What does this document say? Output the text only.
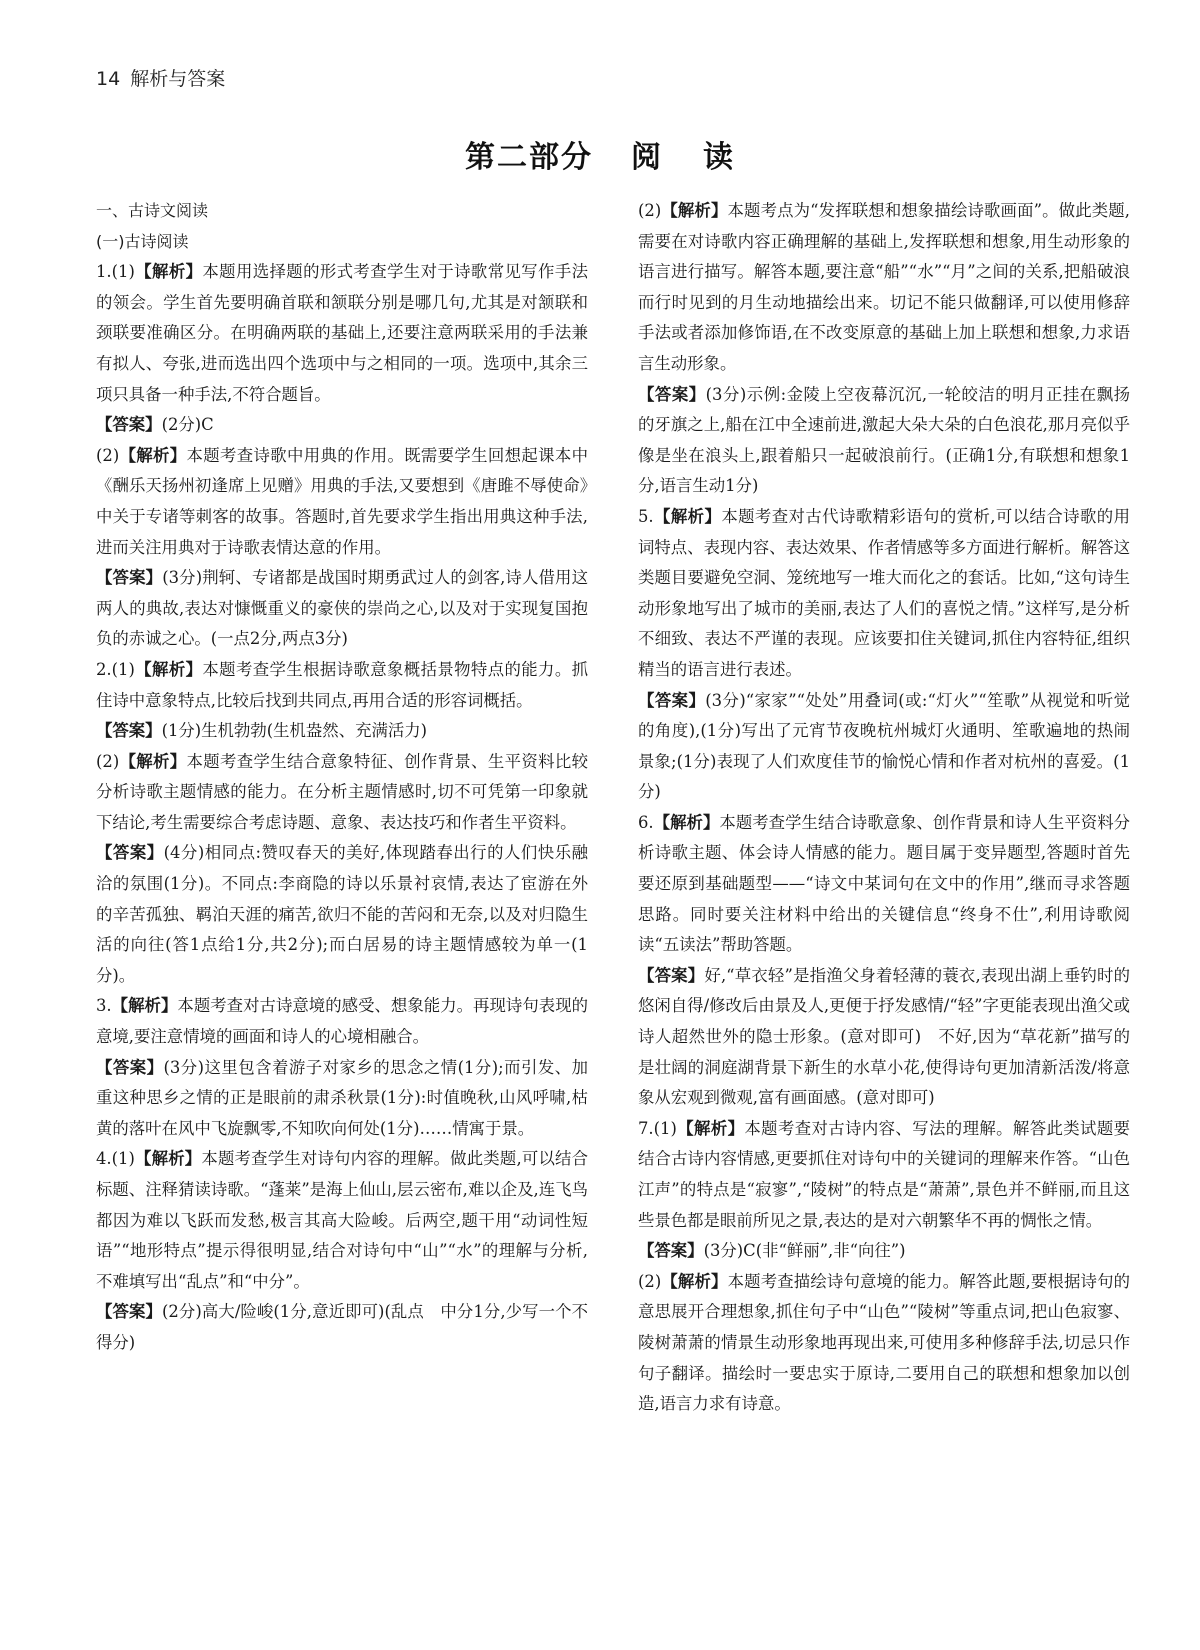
14 解析与答案
第二部分 阅 读

一、古诗文阅读

(一)古诗阅读

1.(1)【解析】本题用选择题的形式考查学生对于诗歌常见写作手法的领会。学生首先要明确首联和颔联分别是哪几句,尤其是对颔联和颈联要准确区分。在明确两联的基础上,还要注意两联采用的手法兼有拟人、夸张,进而选出四个选项中与之相同的一项。选项中,其余三项只具备一种手法,不符合题旨。

【答案】(2分)C

(2)【解析】本题考查诗歌中用典的作用。既需要学生回想起课本中《酬乐天扬州初逢席上见赠》用典的手法,又要想到《唐雎不辱使命》中关于专诸等刺客的故事。答题时,首先要求学生指出用典这种手法,进而关注用典对于诗歌表情达意的作用。

【答案】(3分)荆轲、专诸都是战国时期勇武过人的剑客,诗人借用这两人的典故,表达对慷慨重义的豪侠的崇尚之心,以及对于实现复国抱负的赤诚之心。(一点2分,两点3分)

2.(1)【解析】本题考查学生根据诗歌意象概括景物特点的能力。抓住诗中意象特点,比较后找到共同点,再用合适的形容词概括。

【答案】(1分)生机勃勃(生机盎然、充满活力)

(2)【解析】本题考查学生结合意象特征、创作背景、生平资料比较分析诗歌主题情感的能力。在分析主题情感时,切不可凭第一印象就下结论,考生需要综合考虑诗题、意象、表达技巧和作者生平资料。

【答案】(4分)相同点:赞叹春天的美好,体现踏春出行的人们快乐融洽的氛围(1分)。不同点:李商隐的诗以乐景衬哀情,表达了宦游在外的辛苦孤独、羁泊天涯的痛苦,欲归不能的苦闷和无奈,以及对归隐生活的向往(答1点给1分,共2分);而白居易的诗主题情感较为单一(1分)。

3.【解析】本题考查对古诗意境的感受、想象能力。再现诗句表现的意境,要注意情境的画面和诗人的心境相融合。

【答案】(3分)这里包含着游子对家乡的思念之情(1分);而引发、加重这种思乡之情的正是眼前的肃杀秋景(1分):时值晚秋,山风呼啸,枯黄的落叶在风中飞旋飘零,不知吹向何处(1分)……情寓于景。

4.(1)【解析】本题考查学生对诗句内容的理解。做此类题,可以结合标题、注释猜读诗歌。“蓬莱”是海上仙山,层云密布,难以企及,连飞鸟都因为难以飞跃而发愁,极言其高大险峻。后两空,题干用“动词性短语”“地形特点”提示得很明显,结合对诗句中“山”“水”的理解与分析,不难填写出“乱点”和“中分”。

【答案】(2分)高大/险峻(1分,意近即可)(乱点　中分1分,少写一个不得分)

(2)【解析】本题考点为“发挥联想和想象描绘诗歌画面”。做此类题,需要在对诗歌内容正确理解的基础上,发挥联想和想象,用生动形象的语言进行描写。解答本题,要注意“船”“水”“月”之间的关系,把船破浪而行时见到的月生动地描绘出来。切记不能只做翻译,可以使用修辞手法或者添加修饰语,在不改变原意的基础上加上联想和想象,力求语言生动形象。

【答案】(3分)示例:金陵上空夜幕沉沉,一轮皎洁的明月正挂在飘扬的牙旗之上,船在江中全速前进,激起大朵大朵的白色浪花,那月亮似乎像是坐在浪头上,跟着船只一起破浪前行。(正确1分,有联想和想象1分,语言生动1分)

5.【解析】本题考查对古代诗歌精彩语句的赏析,可以结合诗歌的用词特点、表现内容、表达效果、作者情感等多方面进行解析。解答这类题目要避免空洞、笼统地写一堆大而化之的套话。比如,“这句诗生动形象地写出了城市的美丽,表达了人们的喜悦之情。”这样写,是分析不细致、表达不严谨的表现。应该要扣住关键词,抓住内容特征,组织精当的语言进行表述。

【答案】(3分)“家家”“处处”用叠词(或:“灯火”“笙歌”从视觉和听觉的角度),(1分)写出了元宵节夜晚杭州城灯火通明、笙歌遍地的热闹景象;(1分)表现了人们欢度佳节的愉悦心情和作者对杭州的喜爱。(1分)

6.【解析】本题考查学生结合诗歌意象、创作背景和诗人生平资料分析诗歌主题、体会诗人情感的能力。题目属于变异题型,答题时首先要还原到基础题型——“诗文中某词句在文中的作用”,继而寻求答题思路。同时要关注材料中给出的关键信息“终身不仕”,利用诗歌阅读“五读法”帮助答题。

【答案】好,“草衣轻”是指渔父身着轻薄的蓑衣,表现出湖上垂钓时的悠闲自得/修改后由景及人,更便于抒发感情/“轻”字更能表现出渔父或诗人超然世外的隐士形象。(意对即可)　不好,因为“草花新”描写的是壮阔的洞庭湖背景下新生的水草小花,使得诗句更加清新活泼/将意象从宏观到微观,富有画面感。(意对即可)

7.(1)【解析】本题考查对古诗内容、写法的理解。解答此类试题要结合古诗内容情感,更要抓住对诗句中的关键词的理解来作答。“山色江声”的特点是“寂寥”,“陵树”的特点是“萧萧”,景色并不鲜丽,而且这些景色都是眼前所见之景,表达的是对六朝繁华不再的惆怅之情。

【答案】(3分)C(非“鲜丽”,非“向往”)

(2)【解析】本题考查描绘诗句意境的能力。解答此题,要根据诗句的意思展开合理想象,抓住句子中“山色”“陵树”等重点词,把山色寂寥、陵树萧萧的情景生动形象地再现出来,可使用多种修辞手法,切忌只作句子翻译。描绘时一要忠实于原诗,二要用自己的联想和想象加以创造,语言力求有诗意。
